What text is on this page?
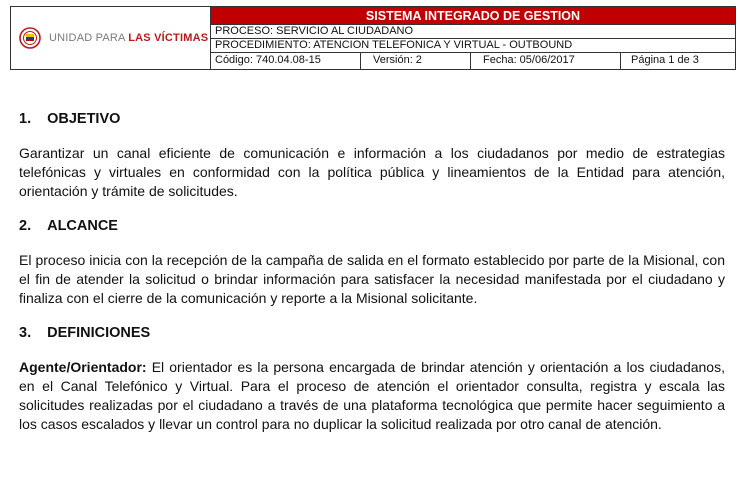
UNIDAD PARA LAS VÍCTIMAS
SISTEMA INTEGRADO DE GESTION
PROCESO: SERVICIO AL CIUDADANO
PROCEDIMIENTO: ATENCION TELEFONICA Y VIRTUAL - OUTBOUND
Código: 740.04.08-15	Versión: 2	Fecha: 05/06/2017	Página 1 de 3
1. OBJETIVO

Garantizar un canal eficiente de comunicación e información a los ciudadanos por medio de estrategias telefónicas y virtuales en conformidad con la política pública y lineamientos de la Entidad para atención, orientación y trámite de solicitudes.

2. ALCANCE

El proceso inicia con la recepción de la campaña de salida en el formato establecido por parte de la Misional, con el fin de atender la solicitud o brindar información para satisfacer la necesidad manifestada por el ciudadano y finaliza con el cierre de la comunicación y reporte a la Misional solicitante.

3. DEFINICIONES

Agente/Orientador: El orientador es la persona encargada de brindar atención y orientación a los ciudadanos, en el Canal Telefónico y Virtual. Para el proceso de atención el orientador consulta, registra y escala las solicitudes realizadas por el ciudadano a través de una plataforma tecnológica que permite hacer seguimiento a los casos escalados y llevar un control para no duplicar la solicitud realizada por otro canal de atención.
